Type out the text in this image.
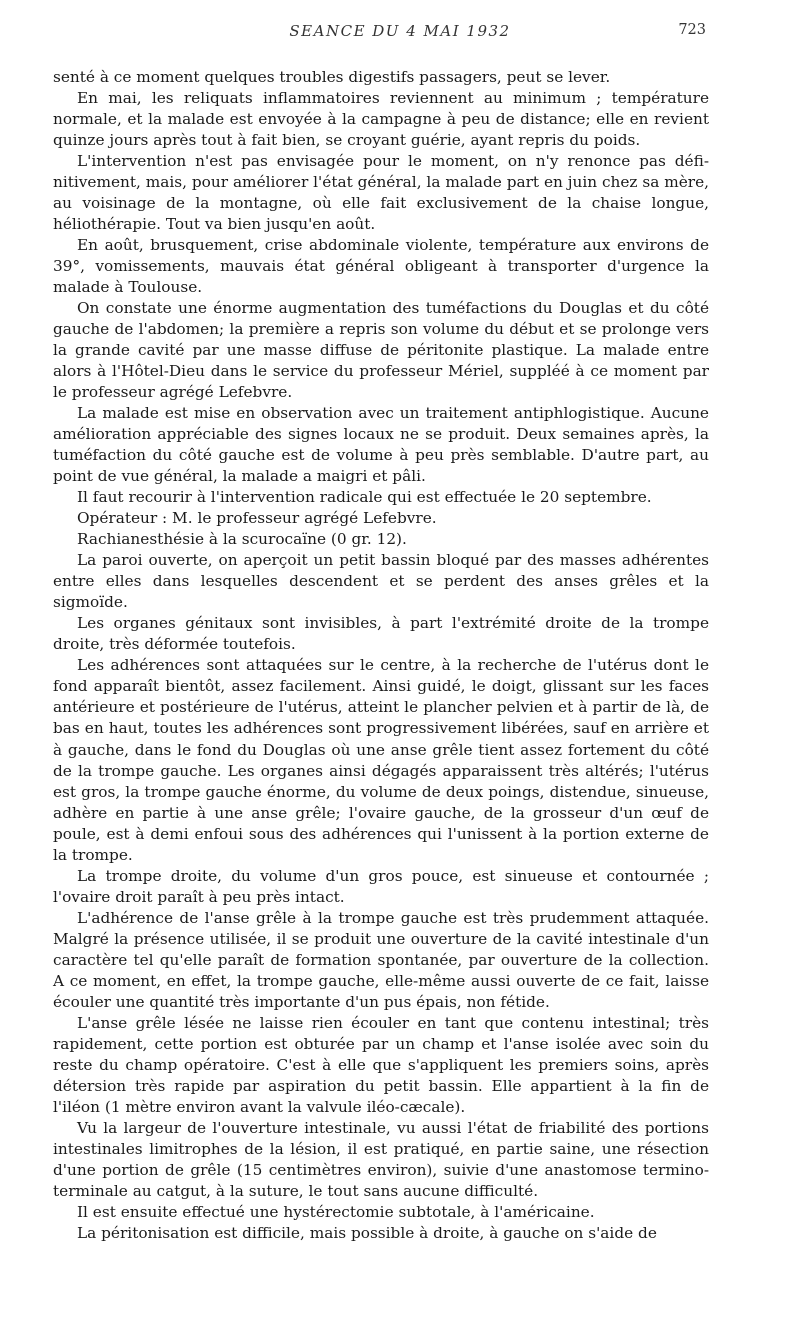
SEANCE DU 4 MAI 1932	723

senté à ce moment quelques troubles digestifs passagers, peut se lever.

En mai, les reliquats inflammatoires reviennent au minimum ; température normale, et la malade est envoyée à la campagne à peu de distance; elle en revient quinze jours après tout à fait bien, se croyant guérie, ayant repris du poids.

L'intervention n'est pas envisagée pour le moment, on n'y renonce pas définitivement, mais, pour améliorer l'état général, la malade part en juin chez sa mère, au voisinage de la montagne, où elle fait exclusivement de la chaise longue, héliothérapie. Tout va bien jusqu'en août.

En août, brusquement, crise abdominale violente, température aux environs de 39°, vomissements, mauvais état général obligeant à transporter d'urgence la malade à Toulouse.

On constate une énorme augmentation des tuméfactions du Douglas et du côté gauche de l'abdomen; la première a repris son volume du début et se prolonge vers la grande cavité par une masse diffuse de péritonite plastique. La malade entre alors à l'Hôtel-Dieu dans le service du professeur Mériel, suppléé à ce moment par le professeur agrégé Lefebvre.

La malade est mise en observation avec un traitement antiphlogistique. Aucune amélioration appréciable des signes locaux ne se produit. Deux semaines après, la tuméfaction du côté gauche est de volume à peu près semblable. D'autre part, au point de vue général, la malade a maigri et pâli.

Il faut recourir à l'intervention radicale qui est effectuée le 20 septembre.

Opérateur : M. le professeur agrégé Lefebvre.

Rachianesthésie à la scurocaïne (0 gr. 12).

La paroi ouverte, on aperçoit un petit bassin bloqué par des masses adhérentes entre elles dans lesquelles descendent et se perdent des anses grêles et la sigmoïde.

Les organes génitaux sont invisibles, à part l'extrémité droite de la trompe droite, très déformée toutefois.

Les adhérences sont attaquées sur le centre, à la recherche de l'utérus dont le fond apparaît bientôt, assez facilement. Ainsi guidé, le doigt, glissant sur les faces antérieure et postérieure de l'utérus, atteint le plancher pelvien et à partir de là, de bas en haut, toutes les adhérences sont progressivement libérées, sauf en arrière et à gauche, dans le fond du Douglas où une anse grêle tient assez fortement du côté de la trompe gauche. Les organes ainsi dégagés apparaissent très altérés; l'utérus est gros, la trompe gauche énorme, du volume de deux poings, distendue, sinueuse, adhère en partie à une anse grêle; l'ovaire gauche, de la grosseur d'un œuf de poule, est à demi enfoui sous des adhérences qui l'unissent à la portion externe de la trompe.

La trompe droite, du volume d'un gros pouce, est sinueuse et contournée ; l'ovaire droit paraît à peu près intact.

L'adhérence de l'anse grêle à la trompe gauche est très prudemment attaquée. Malgré la présence utilisée, il se produit une ouverture de la cavité intestinale d'un caractère tel qu'elle paraît de formation spontanée, par ouverture de la collection. A ce moment, en effet, la trompe gauche, elle-même aussi ouverte de ce fait, laisse écouler une quantité très importante d'un pus épais, non fétide.

L'anse grêle lésée ne laisse rien écouler en tant que contenu intestinal; très rapidement, cette portion est obturée par un champ et l'anse isolée avec soin du reste du champ opératoire. C'est à elle que s'appliquent les premiers soins, après détersion très rapide par aspiration du petit bassin. Elle appartient à la fin de l'iléon (1 mètre environ avant la valvule iléo-cæcale).

Vu la largeur de l'ouverture intestinale, vu aussi l'état de friabilité des portions intestinales limitrophes de la lésion, il est pratiqué, en partie saine, une résection d'une portion de grêle (15 centimètres environ), suivie d'une anastomose termino-terminale au catgut, à la suture, le tout sans aucune difficulté.

Il est ensuite effectué une hystérectomie subtotale, à l'américaine.

La péritonisation est difficile, mais possible à droite, à gauche on s'aide de
